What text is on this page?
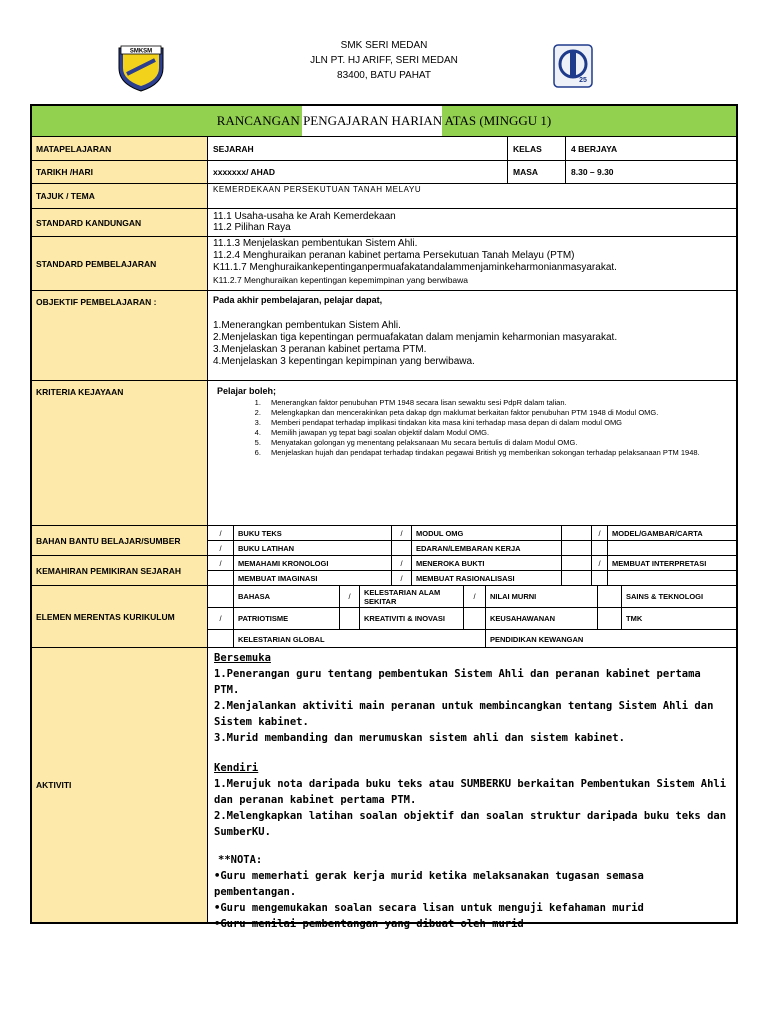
SMKSM
SMK SERI MEDAN
JLN PT. HJ ARIFF, SERI MEDAN
83400, BATU PAHAT	25
RANCANGAN PENGAJARAN HARIAN ATAS (MINGGU 1)
MATAPELAJARAN	SEJARAH	KELAS	4 BERJAYA
TARIKH /HARI	xxxxxxx/ AHAD	MASA	8.30 – 9.30
TAJUK / TEMA
KEMERDEKAAN PERSEKUTUAN TANAH MELAYU
STANDARD KANDUNGAN
11.1 Usaha-usaha ke Arah Kemerdekaan
11.2 Pilihan Raya
STANDARD PEMBELAJARAN
11.1.3 Menjelaskan pembentukan Sistem Ahli.
11.2.4 Menghuraikan peranan kabinet pertama Persekutuan Tanah Melayu (PTM)
K11.1.7 Menghuraikankepentinganpermuafakatandalammenjaminkeharmonianmasyarakat.
K11.2.7 Menghuraikan kepentingan kepemimpinan yang berwibawa
OBJEKTIF PEMBELAJARAN :	Pada akhir pembelajaran, pelajar dapat,
1.Menerangkan pembentukan Sistem Ahli.
2.Menjelaskan tiga kepentingan permuafakatan dalam menjamin keharmonian masyarakat.
3.Menjelaskan 3 peranan kabinet pertama PTM.
4.Menjelaskan 3 kepentingan kepimpinan yang berwibawa.
KRITERIA KEJAYAAN	Pelajar boleh;
1. Menerangkan faktor penubuhan PTM 1948 secara lisan sewaktu sesi PdpR dalam talian.
2. Melengkapkan dan mencerakinkan peta dakap dgn maklumat berkaitan faktor penubuhan PTM 1948 di Modul OMG.
3. Memberi pendapat terhadap implikasi tindakan kita masa kini terhadap masa depan di dalam modul OMG
4. Memilih jawapan yg tepat bagi soalan objektif dalam Modul OMG.
5. Menyatakan golongan yg menentang pelaksanaan Mu secara bertulis di dalam Modul OMG.
6. Menjelaskan hujah dan pendapat terhadap tindakan pegawai British yg memberikan sokongan terhadap pelaksanaan PTM 1948.
BAHAN BANTU BELAJAR/SUMBER
/	BUKU TEKS	/	MODUL OMG	/	MODEL/GAMBAR/CARTA
/	BUKU LATIHAN	EDARAN/LEMBARAN KERJA
KEMAHIRAN PEMIKIRAN SEJARAH
/	MEMAHAMI KRONOLOGI	/	MENEROKA BUKTI	/	MEMBUAT INTERPRETASI
MEMBUAT IMAGINASI	/	MEMBUAT RASIONALISASI
ELEMEN MERENTAS KURIKULUM
BAHASA	/	KELESTARIAN ALAM SEKITAR	/	NILAI MURNI	SAINS & TEKNOLOGI
/	PATRIOTISME	KREATIVITI & INOVASI	KEUSAHAWANAN	TMK
KELESTARIAN GLOBAL	PENDIDIKAN KEWANGAN
AKTIVITI
Bersemuka
1.Penerangan guru tentang pembentukan Sistem Ahli dan peranan kabinet pertama PTM.
2.Menjalankan aktiviti main peranan untuk membincangkan tentang Sistem Ahli dan Sistem kabinet.
3.Murid membanding dan merumuskan sistem ahli dan sistem kabinet.
Kendiri
1.Merujuk nota daripada buku teks atau SUMBERKU berkaitan Pembentukan Sistem Ahli dan peranan kabinet pertama PTM.
2.Melengkapkan latihan soalan objektif dan soalan struktur daripada buku teks dan SumberKU.
**NOTA:
•Guru memerhati gerak kerja murid ketika melaksanakan tugasan semasa pembentangan.
•Guru mengemukakan soalan secara lisan untuk menguji kefahaman murid
•Guru menilai pembentangan yang dibuat oleh murid
